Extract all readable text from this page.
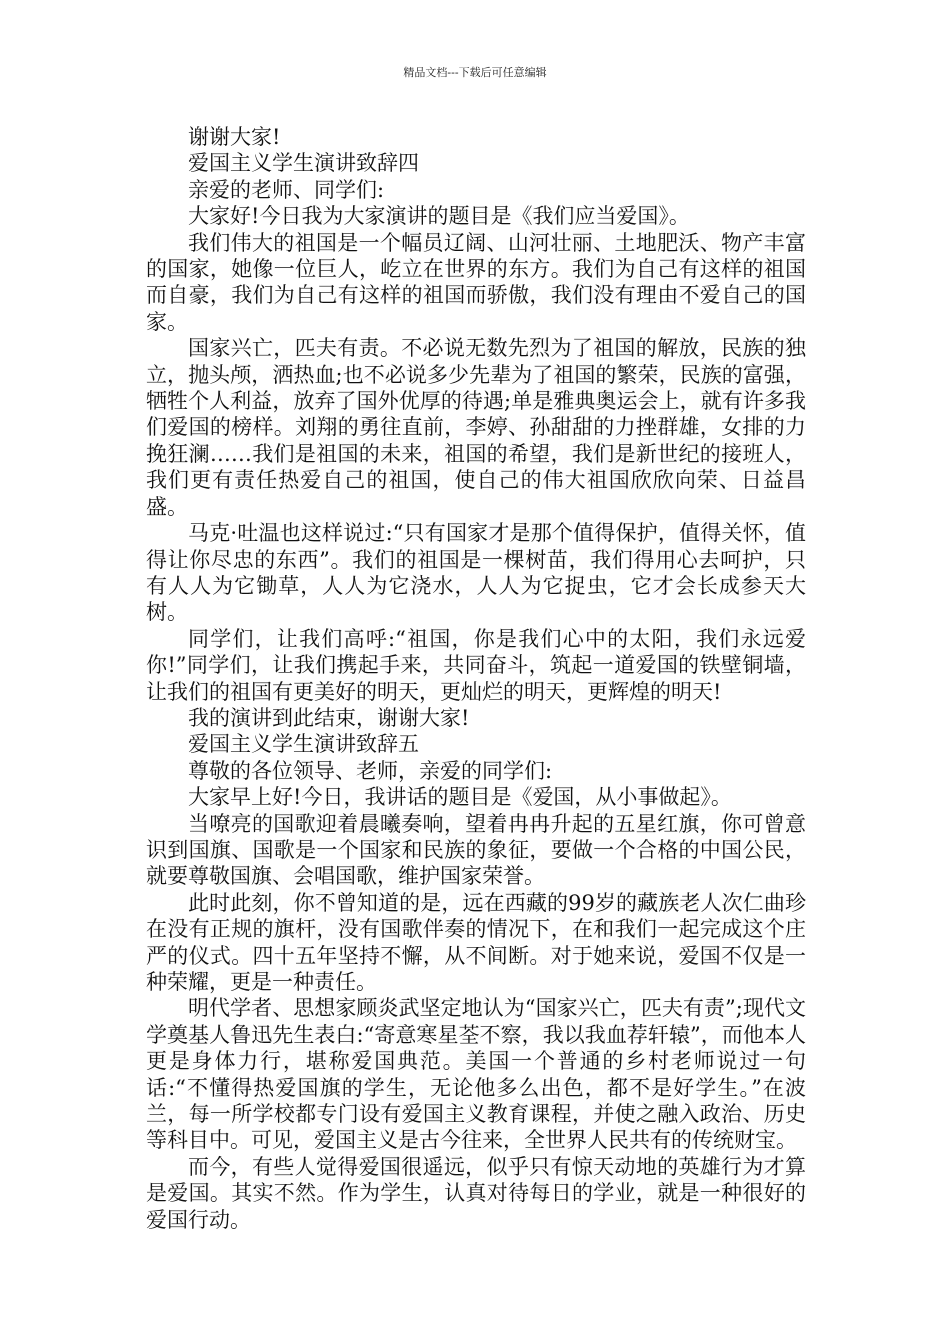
精品文档---下载后可任意编辑

谢谢大家!

爱国主义学生演讲致辞四

亲爱的老师、同学们:

大家好!今日我为大家演讲的题目是《我们应当爱国》。

我们伟大的祖国是一个幅员辽阔、山河壮丽、土地肥沃、物产丰富的国家，她像一位巨人，屹立在世界的东方。我们为自己有这样的祖国而自豪，我们为自己有这样的祖国而骄傲，我们没有理由不爱自己的国家。

国家兴亡，匹夫有责。不必说无数先烈为了祖国的解放，民族的独立，抛头颅，洒热血;也不必说多少先辈为了祖国的繁荣，民族的富强，牺牲个人利益，放弃了国外优厚的待遇;单是雅典奥运会上，就有许多我们爱国的榜样。刘翔的勇往直前，李婷、孙甜甜的力挫群雄，女排的力挽狂澜……我们是祖国的未来，祖国的希望，我们是新世纪的接班人，我们更有责任热爱自己的祖国，使自己的伟大祖国欣欣向荣、日益昌盛。

马克·吐温也这样说过:“只有国家才是那个值得保护，值得关怀，值得让你尽忠的东西”。我们的祖国是一棵树苗，我们得用心去呵护，只有人人为它锄草，人人为它浇水，人人为它捉虫，它才会长成参天大树。

同学们，让我们高呼:“祖国，你是我们心中的太阳，我们永远爱你!”同学们，让我们携起手来，共同奋斗，筑起一道爱国的铁壁铜墙，让我们的祖国有更美好的明天，更灿烂的明天，更辉煌的明天!

我的演讲到此结束，谢谢大家!

爱国主义学生演讲致辞五

尊敬的各位领导、老师，亲爱的同学们:

大家早上好!今日，我讲话的题目是《爱国，从小事做起》。

当嘹亮的国歌迎着晨曦奏响，望着冉冉升起的五星红旗，你可曾意识到国旗、国歌是一个国家和民族的象征，要做一个合格的中国公民，就要尊敬国旗、会唱国歌，维护国家荣誉。

此时此刻，你不曾知道的是，远在西藏的99岁的藏族老人次仁曲珍在没有正规的旗杆，没有国歌伴奏的情况下，在和我们一起完成这个庄严的仪式。四十五年坚持不懈，从不间断。对于她来说，爱国不仅是一种荣耀，更是一种责任。

明代学者、思想家顾炎武坚定地认为“国家兴亡，匹夫有责”;现代文学奠基人鲁迅先生表白:“寄意寒星荃不察，我以我血荐轩辕”，而他本人更是身体力行，堪称爱国典范。美国一个普通的乡村老师说过一句话:“不懂得热爱国旗的学生，无论他多么出色，都不是好学生。”在波兰，每一所学校都专门设有爱国主义教育课程，并使之融入政治、历史等科目中。可见，爱国主义是古今往来，全世界人民共有的传统财宝。

而今，有些人觉得爱国很遥远，似乎只有惊天动地的英雄行为才算是爱国。其实不然。作为学生，认真对待每日的学业，就是一种很好的爱国行动。
